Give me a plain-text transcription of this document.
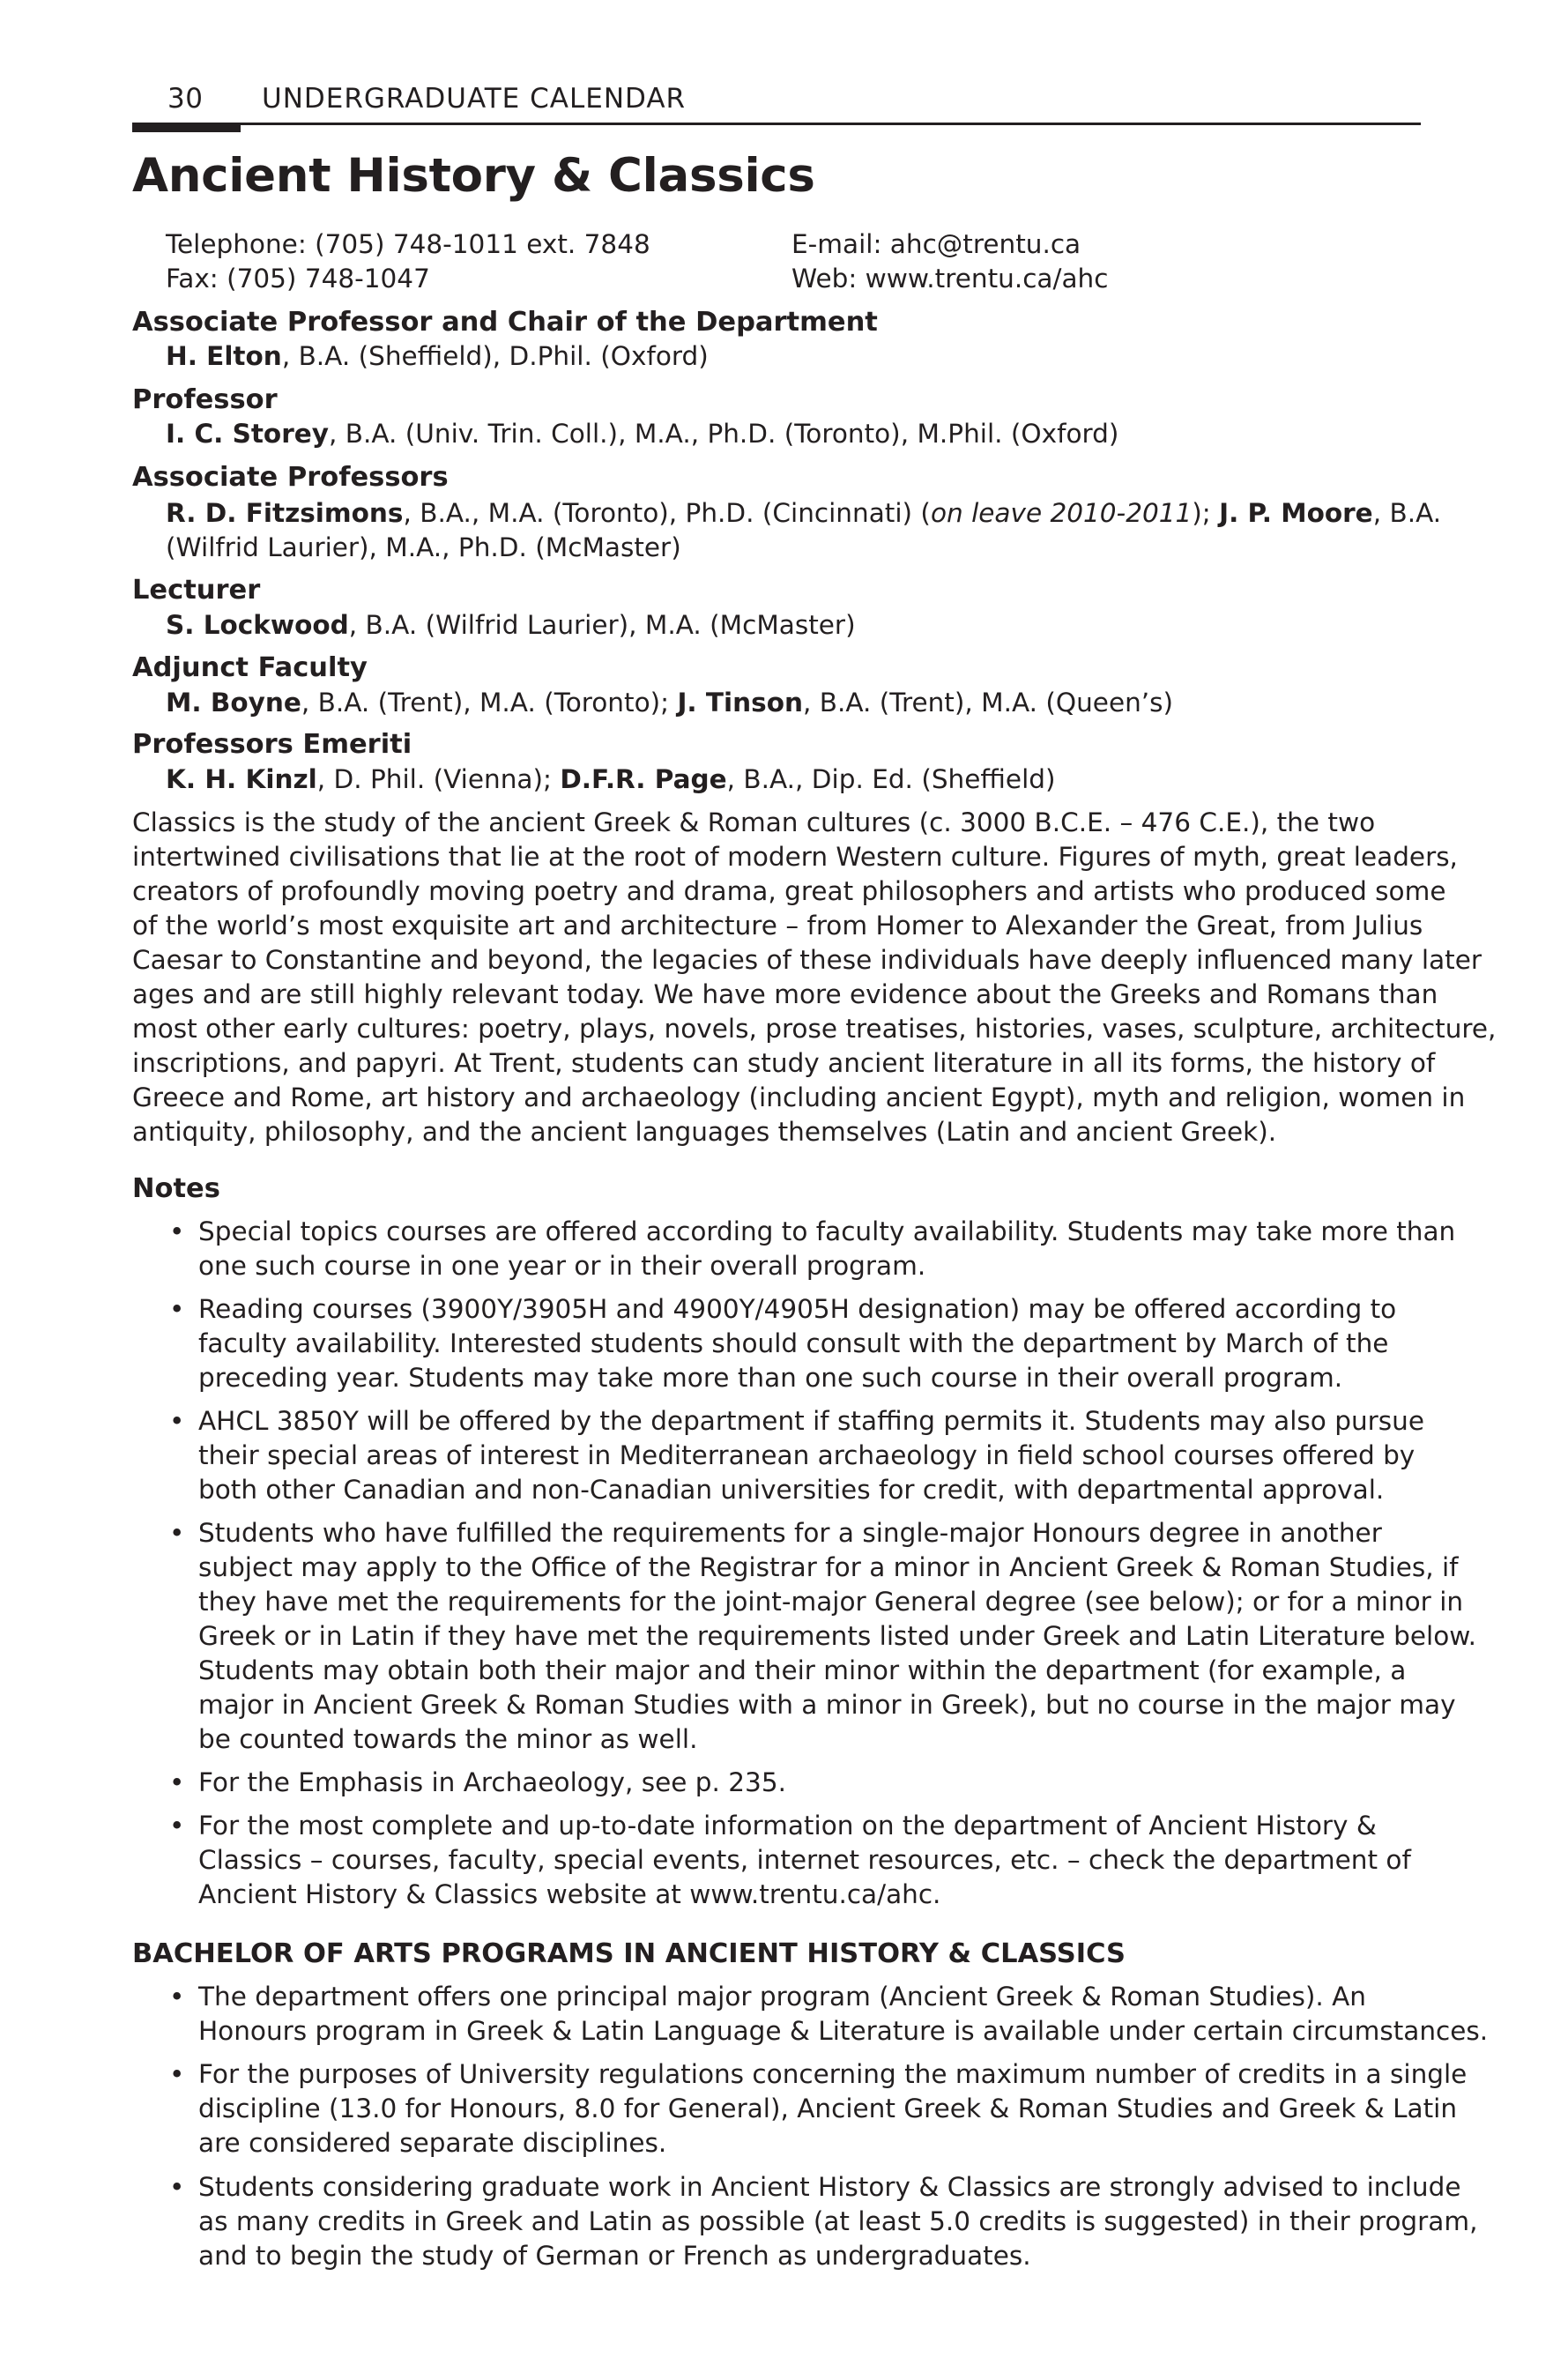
30 UNDERGRADUATE CALENDAR
Ancient History & Classics
Telephone: (705) 748-1011 ext. 7848
Fax: (705) 748-1047
E-mail: ahc@trentu.ca
Web: www.trentu.ca/ahc
Associate Professor and Chair of the Department
H. Elton, B.A. (Sheffield), D.Phil. (Oxford)
Professor
I. C. Storey, B.A. (Univ. Trin. Coll.), M.A., Ph.D. (Toronto), M.Phil. (Oxford)
Associate Professors
R. D. Fitzsimons, B.A., M.A. (Toronto), Ph.D. (Cincinnati) (on leave 2010-2011); J. P. Moore, B.A.
(Wilfrid Laurier), M.A., Ph.D. (McMaster)
Lecturer
S. Lockwood, B.A. (Wilfrid Laurier), M.A. (McMaster)
Adjunct Faculty
M. Boyne, B.A. (Trent), M.A. (Toronto); J. Tinson, B.A. (Trent), M.A. (Queen’s)
Professors Emeriti
K. H. Kinzl, D. Phil. (Vienna); D.F.R. Page, B.A., Dip. Ed. (Sheffield)
Classics is the study of the ancient Greek & Roman cultures (c. 3000 B.C.E. – 476 C.E.), the two
intertwined civilisations that lie at the root of modern Western culture. Figures of myth, great leaders,
creators of profoundly moving poetry and drama, great philosophers and artists who produced some
of the world’s most exquisite art and architecture – from Homer to Alexander the Great, from Julius
Caesar to Constantine and beyond, the legacies of these individuals have deeply influenced many later
ages and are still highly relevant today. We have more evidence about the Greeks and Romans than
most other early cultures: poetry, plays, novels, prose treatises, histories, vases, sculpture, architecture,
inscriptions, and papyri. At Trent, students can study ancient literature in all its forms, the history of
Greece and Rome, art history and archaeology (including ancient Egypt), myth and religion, women in
antiquity, philosophy, and the ancient languages themselves (Latin and ancient Greek).
Notes
• Special topics courses are offered according to faculty availability. Students may take more than
one such course in one year or in their overall program.
• Reading courses (3900Y/3905H and 4900Y/4905H designation) may be offered according to
faculty availability. Interested students should consult with the department by March of the
preceding year. Students may take more than one such course in their overall program.
• AHCL 3850Y will be offered by the department if staffing permits it. Students may also pursue
their special areas of interest in Mediterranean archaeology in field school courses offered by
both other Canadian and non-Canadian universities for credit, with departmental approval.
• Students who have fulfilled the requirements for a single-major Honours degree in another
subject may apply to the Office of the Registrar for a minor in Ancient Greek & Roman Studies, if
they have met the requirements for the joint-major General degree (see below); or for a minor in
Greek or in Latin if they have met the requirements listed under Greek and Latin Literature below.
Students may obtain both their major and their minor within the department (for example, a
major in Ancient Greek & Roman Studies with a minor in Greek), but no course in the major may
be counted towards the minor as well.
• For the Emphasis in Archaeology, see p. 235.
• For the most complete and up-to-date information on the department of Ancient History &
Classics – courses, faculty, special events, internet resources, etc. – check the department of
Ancient History & Classics website at www.trentu.ca/ahc.
BACHELOR OF ARTS PROGRAMS IN ANCIENT HISTORY & CLASSICS
• The department offers one principal major program (Ancient Greek & Roman Studies). An
Honours program in Greek & Latin Language & Literature is available under certain circumstances.
• For the purposes of University regulations concerning the maximum number of credits in a single
discipline (13.0 for Honours, 8.0 for General), Ancient Greek & Roman Studies and Greek & Latin
are considered separate disciplines.
• Students considering graduate work in Ancient History & Classics are strongly advised to include
as many credits in Greek and Latin as possible (at least 5.0 credits is suggested) in their program,
and to begin the study of German or French as undergraduates.
